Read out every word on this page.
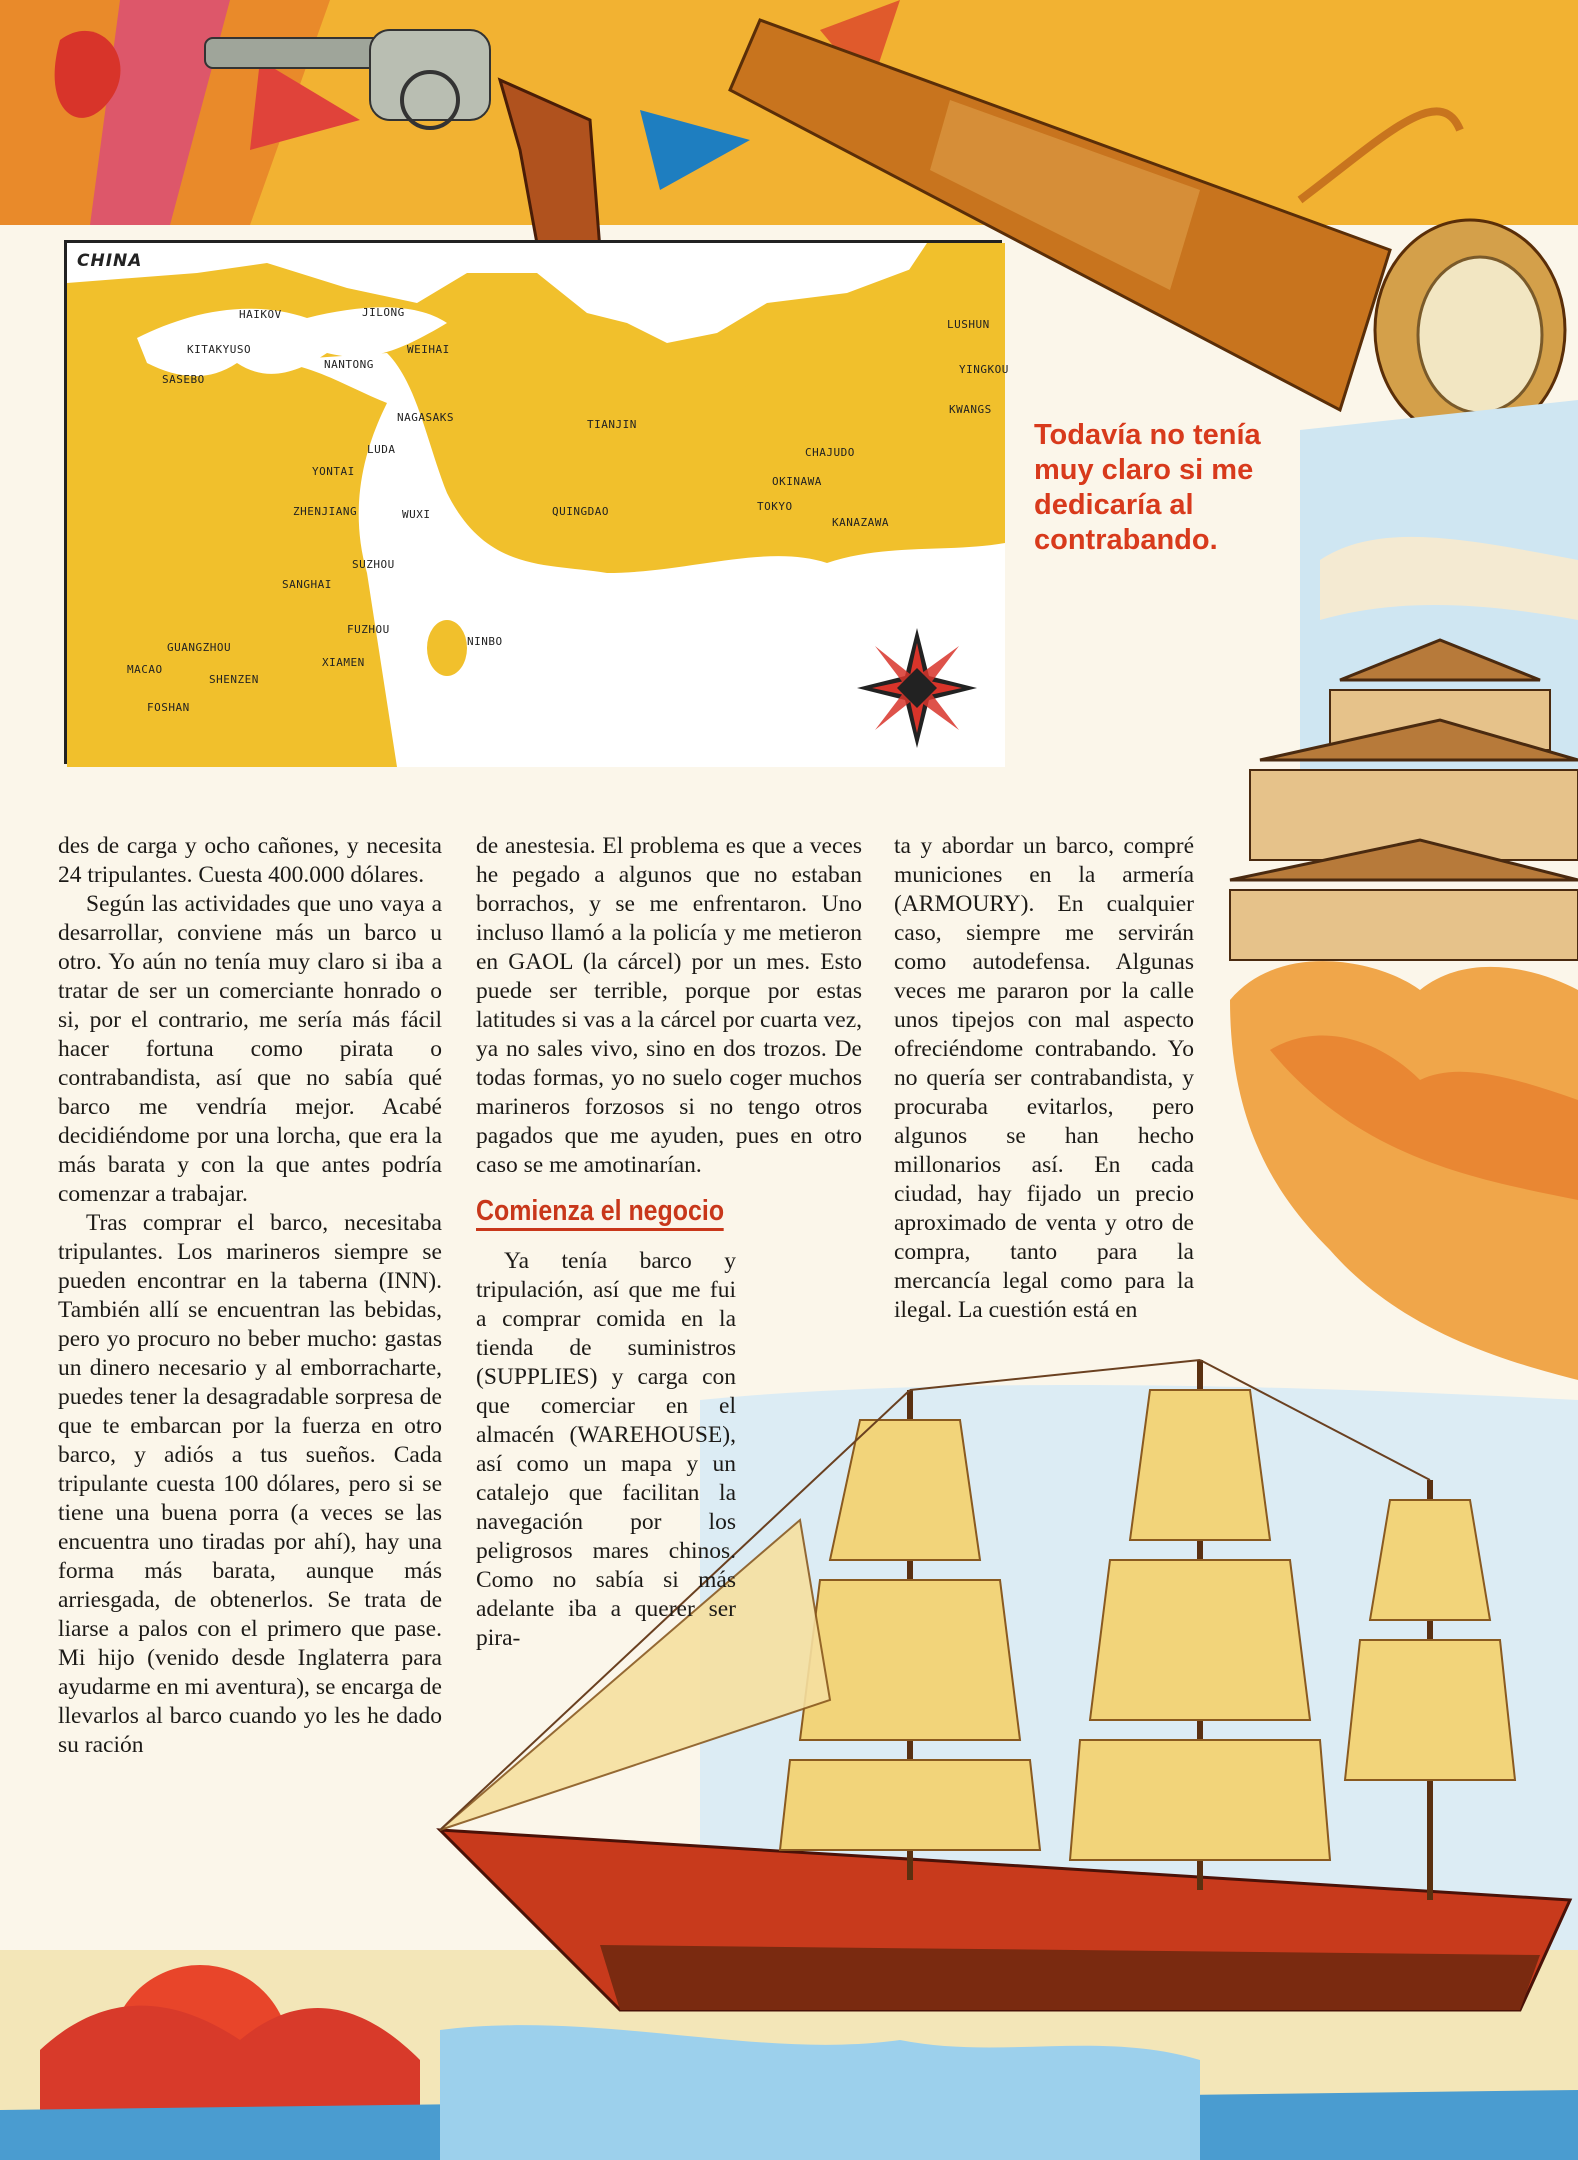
CHINA
HAIKOV	JILONG
KITAKYUSO
NANTONG
WEIHAI
SASEBO
NAGASAKS
TIANJIN
LUDA
YONTAI
WUXI
ZHENJIANG
SUZHOU
SANGHAI
FUZHOU
QUINGDAO
NINBO
XIAMEN
GUANGZHOU
MACAO
SHENZEN
FOSHAN
LUSHUN
YINGKOU
KWANGS
CHAJUDO
OKINAWA
TOKYO
KANAZAWA
Todavía no tenía muy claro si me dedicaría al contrabando.

des de carga y ocho cañones, y necesita 24 tripulantes. Cuesta 400.000 dólares.

Según las actividades que uno vaya a desarrollar, conviene más un barco u otro. Yo aún no tenía muy claro si iba a tratar de ser un comerciante honrado o si, por el contrario, me sería más fácil hacer fortuna como pirata o contrabandista, así que no sabía qué barco me vendría mejor. Acabé decidiéndome por una lorcha, que era la más barata y con la que antes podría comenzar a trabajar.

Tras comprar el barco, necesitaba tripulantes. Los marineros siempre se pueden encontrar en la taberna (INN). También allí se encuentran las bebidas, pero yo procuro no beber mucho: gastas un dinero necesario y al emborracharte, puedes tener la desagradable sorpresa de que te embarcan por la fuerza en otro barco, y adiós a tus sueños. Cada tripulante cuesta 100 dólares, pero si se tiene una buena porra (a veces se las encuentra uno tiradas por ahí), hay una forma más barata, aunque más arriesgada, de obtenerlos. Se trata de liarse a palos con el primero que pase. Mi hijo (venido desde Inglaterra para ayudarme en mi aventura), se encarga de llevarlos al barco cuando yo les he dado su ración

de anestesia. El problema es que a veces he pegado a algunos que no estaban borrachos, y se me enfrentaron. Uno incluso llamó a la policía y me metieron en GAOL (la cárcel) por un mes. Esto puede ser terrible, porque por estas latitudes si vas a la cárcel por cuarta vez, ya no sales vivo, sino en dos trozos. De todas formas, yo no suelo coger muchos marineros forzosos si no tengo otros pagados que me ayuden, pues en otro caso se me amotinarían.

Comienza el negocio

Ya tenía barco y tripulación, así que me fui a comprar comida en la tienda de suministros (SUPPLIES) y carga con que comerciar en el almacén (WAREHOUSE), así como un mapa y un catalejo que facilitan la navegación por los peligrosos mares chinos. Como no sabía si más adelante iba a querer ser pira-

ta y abordar un barco, compré municiones en la armería (ARMOURY). En cualquier caso, siempre me servirán como autodefensa. Algunas veces me pararon por la calle unos tipejos con mal aspecto ofreciéndome contrabando. Yo no quería ser contrabandista, y procuraba evitarlos, pero algunos se han hecho millonarios así. En cada ciudad, hay fijado un precio aproximado de venta y otro de compra, tanto para la mercancía legal como para la ilegal. La cuestión está en
